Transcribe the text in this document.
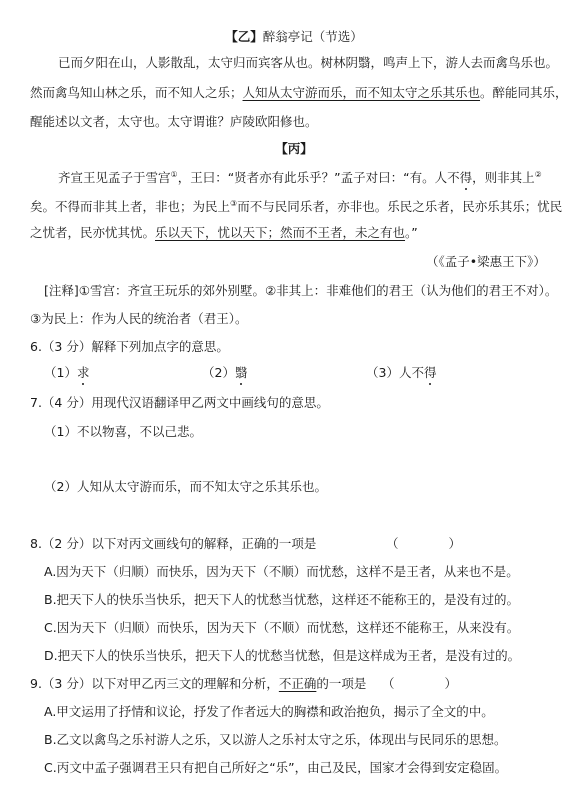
【乙】醉翁亭记（节选）
已而夕阳在山，人影散乱，太守归而宾客从也。树林阴翳，鸣声上下，游人去而禽鸟乐也。
然而禽鸟知山林之乐，而不知人之乐；人知从太守游而乐，而不知太守之乐其乐也。醉能同其乐，
醒能述以文者，太守也。太守谓谁？庐陵欧阳修也。
【丙】
齐宣王见孟子于雪宫①，王曰：“贤者亦有此乐乎？”孟子对曰：“有。人不得，则非其上②
矣。不得而非其上者，非也；为民上③而不与民同乐者，亦非也。乐民之乐者，民亦乐其乐；忧民
之忧者，民亦忧其忧。乐以天下，忧以天下；然而不王者，未之有也。”
（《孟子•梁惠王下》）
[注释]①雪宫：齐宣王玩乐的郊外别墅。②非其上：非难他们的君王（认为他们的君王不对）。
③为民上：作为人民的统治者（君王）。
6.（3 分）解释下列加点字的意思。
（1）求	（2）翳	（3）人不得
7.（4 分）用现代汉语翻译甲乙两文中画线句的意思。
（1）不以物喜，不以己悲。
（2）人知从太守游而乐，而不知太守之乐其乐也。
8.（2 分）以下对丙文画线句的解释，正确的一项是	（　　　　）
A.因为天下（归顺）而快乐，因为天下（不顺）而忧愁，这样不是王者，从来也不是。
B.把天下人的快乐当快乐，把天下人的忧愁当忧愁，这样还不能称王的，是没有过的。
C.因为天下（归顺）而快乐，因为天下（不顺）而忧愁，这样还不能称王，从来没有。
D.把天下人的快乐当快乐，把天下人的忧愁当忧愁，但是这样成为王者，是没有过的。
9.（3 分）以下对甲乙丙三文的理解和分析，不正确的一项是 （　　　　）
A.甲文运用了抒情和议论，抒发了作者远大的胸襟和政治抱负，揭示了全文的中。
B.乙文以禽鸟之乐衬游人之乐，又以游人之乐衬太守之乐，体现出与民同乐的思想。
C.丙文中孟子强调君王只有把自己所好之“乐”，由己及民，国家才会得到安定稳固。
